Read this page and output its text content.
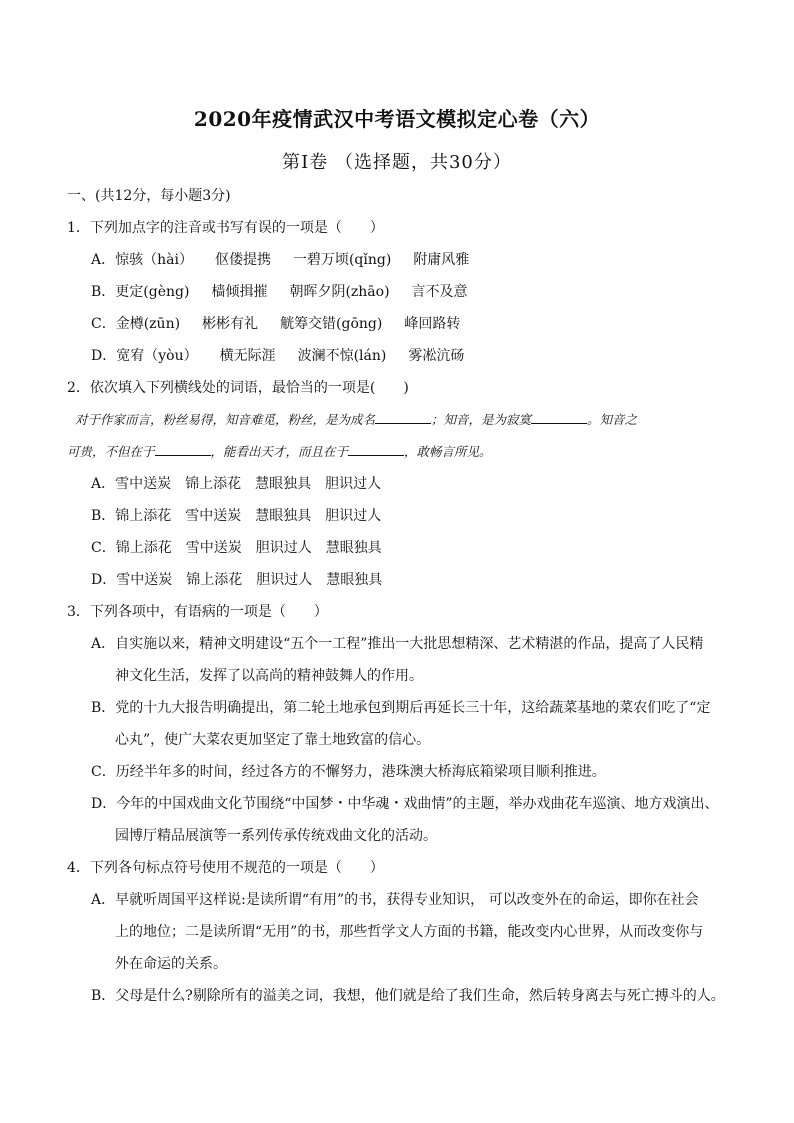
2020年疫情武汉中考语文模拟定心卷（六）
第Ⅰ卷 （选择题，共30分）
一、(共12分，每小题3分)
1．下列加点字的注音或书写有误的一项是（　　）
A．惊骇（hài） 伛偻提携 一碧万顷(qǐng) 附庸风雅
B．更定(gèng) 樯倾揖摧 朝晖夕阴(zhāo) 言不及意
C．金樽(zūn) 彬彬有礼 觥筹交错(gōng) 峰回路转
D．宽宥（yòu） 横无际涯 波澜不惊(lán) 雾凇沆砀
2．依次填入下列横线处的词语，最恰当的一项是(　　)
对于作家而言，粉丝易得，知音难觅，粉丝，是为成名	；知音，是为寂寞	。知音之
可贵，不但在于	，能看出天才，而且在于	，敢畅言所见。
A．雪中送炭 锦上添花 慧眼独具 胆识过人
B．锦上添花 雪中送炭 慧眼独具 胆识过人
C．锦上添花 雪中送炭 胆识过人 慧眼独具
D．雪中送炭 锦上添花 胆识过人 慧眼独具
3．下列各项中，有语病的一项是（　　）
A．自实施以来，精神文明建设“五个一工程”推出一大批思想精深、艺术精湛的作品，提高了人民精
神文化生活，发挥了以高尚的精神鼓舞人的作用。
B．党的十九大报告明确提出，第二轮土地承包到期后再延长三十年，这给蔬菜基地的菜农们吃了“定
心丸”，使广大菜农更加坚定了靠土地致富的信心。
C．历经半年多的时间，经过各方的不懈努力，港珠澳大桥海底箱梁项目顺利推进。
D．今年的中国戏曲文化节围绕“中国梦・中华魂・戏曲情”的主题，举办戏曲花车巡演、地方戏演出、
园博厅精品展演等一系列传承传统戏曲文化的活动。
4．下列各句标点符号使用不规范的一项是（　　）
A．早就听周国平这样说:是读所谓“有用”的书，获得专业知识， 可以改变外在的命运，即你在社会
上的地位；二是读所谓“无用”的书，那些哲学文人方面的书籍，能改变内心世界，从而改变你与
外在命运的关系。
B．父母是什么?剔除所有的溢美之词，我想，他们就是给了我们生命，然后转身离去与死亡搏斗的人。
